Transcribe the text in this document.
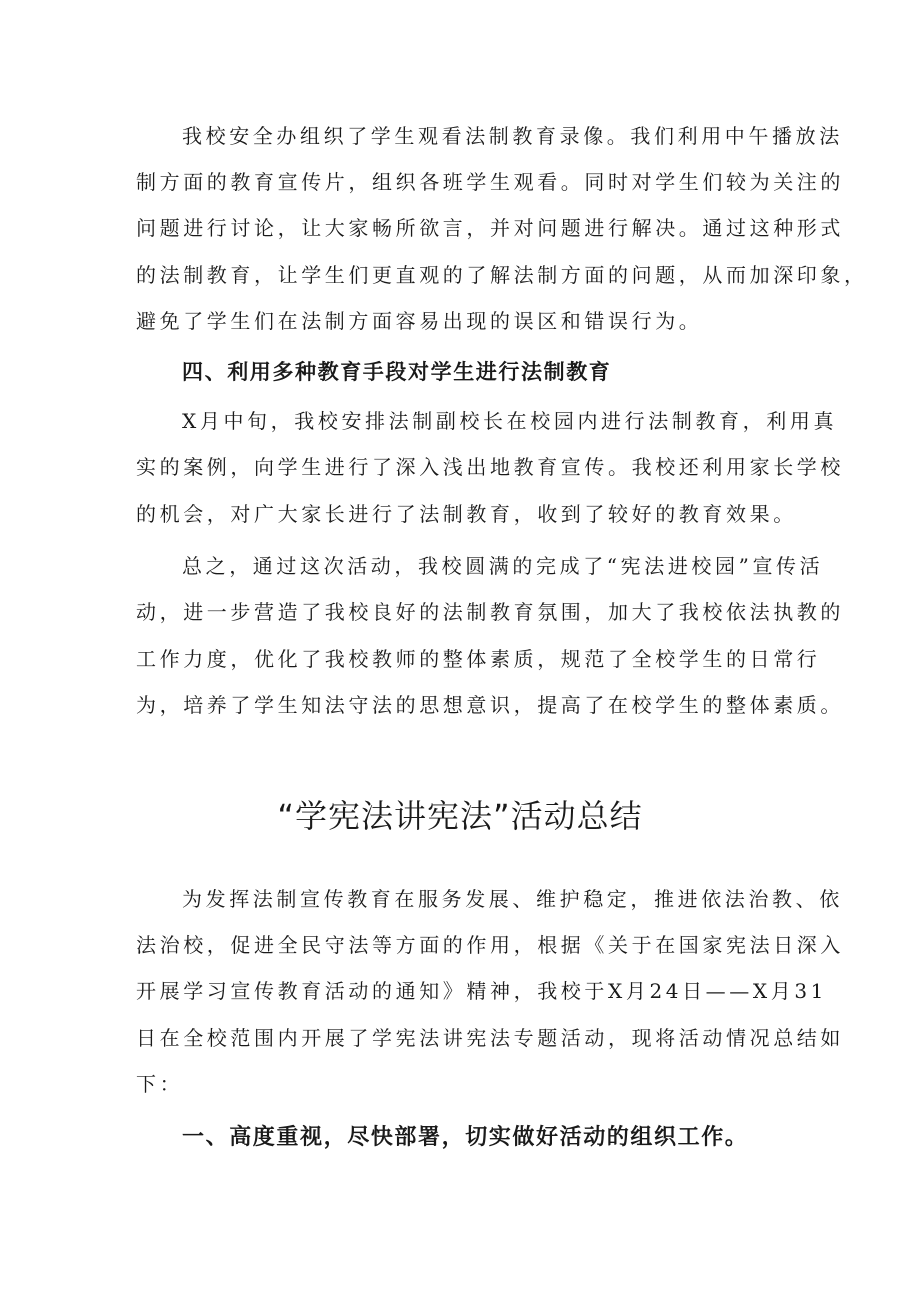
我校安全办组织了学生观看法制教育录像。我们利用中午播放法

制方面的教育宣传片，组织各班学生观看。同时对学生们较为关注的

问题进行讨论，让大家畅所欲言，并对问题进行解决。通过这种形式

的法制教育，让学生们更直观的了解法制方面的问题，从而加深印象，

避免了学生们在法制方面容易出现的误区和错误行为。

四、利用多种教育手段对学生进行法制教育

X月中旬，我校安排法制副校长在校园内进行法制教育，利用真

实的案例，向学生进行了深入浅出地教育宣传。我校还利用家长学校

的机会，对广大家长进行了法制教育，收到了较好的教育效果。

总之，通过这次活动，我校圆满的完成了“宪法进校园”宣传活

动，进一步营造了我校良好的法制教育氛围，加大了我校依法执教的

工作力度，优化了我校教师的整体素质，规范了全校学生的日常行

为，培养了学生知法守法的思想意识，提高了在校学生的整体素质。

“学宪法讲宪法”活动总结

为发挥法制宣传教育在服务发展、维护稳定，推进依法治教、依

法治校，促进全民守法等方面的作用，根据《关于在国家宪法日深入

开展学习宣传教育活动的通知》精神，我校于X月24日——X月31

日在全校范围内开展了学宪法讲宪法专题活动，现将活动情况总结如

下：

一、高度重视，尽快部署，切实做好活动的组织工作。
